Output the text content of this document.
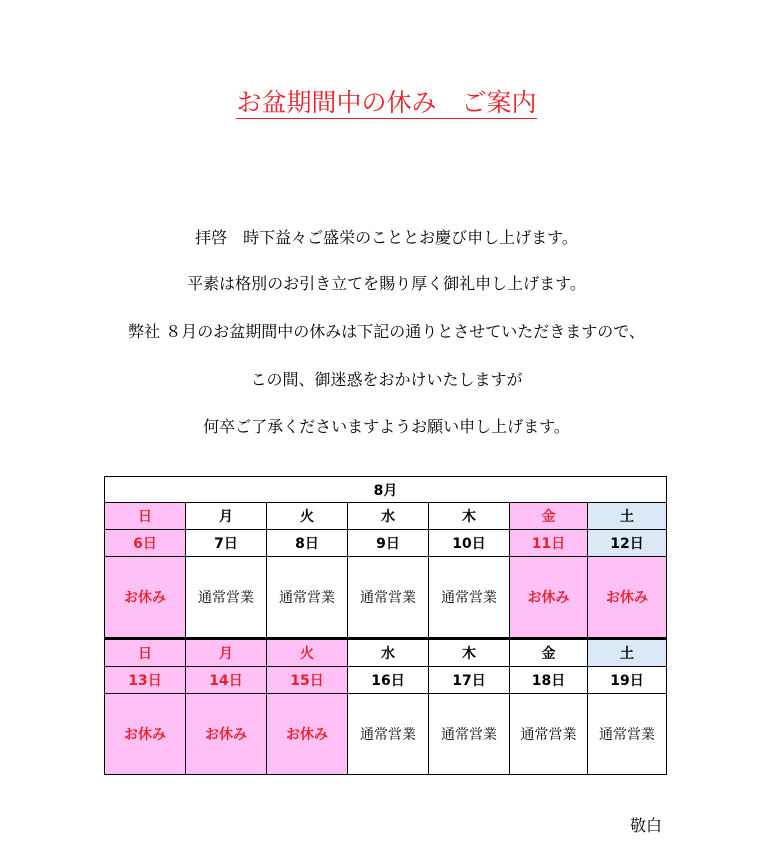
お盆期間中の休み　ご案内
拝啓　時下益々ご盛栄のこととお慶び申し上げます。
平素は格別のお引き立てを賜り厚く御礼申し上げます。
弊社 ８月のお盆期間中の休みは下記の通りとさせていただきますので、
この間、御迷惑をおかけいたしますが
何卒ご了承くださいますようお願い申し上げます。
8月						
日	月	火	水	木	金	土
6日	7日	8日	9日	10日	11日	12日
お休み	通常営業	通常営業	通常営業	通常営業	お休み	お休み
日	月	火	水	木	金	土
13日	14日	15日	16日	17日	18日	19日
お休み	お休み	お休み	通常営業	通常営業	通常営業	通常営業
敬白
